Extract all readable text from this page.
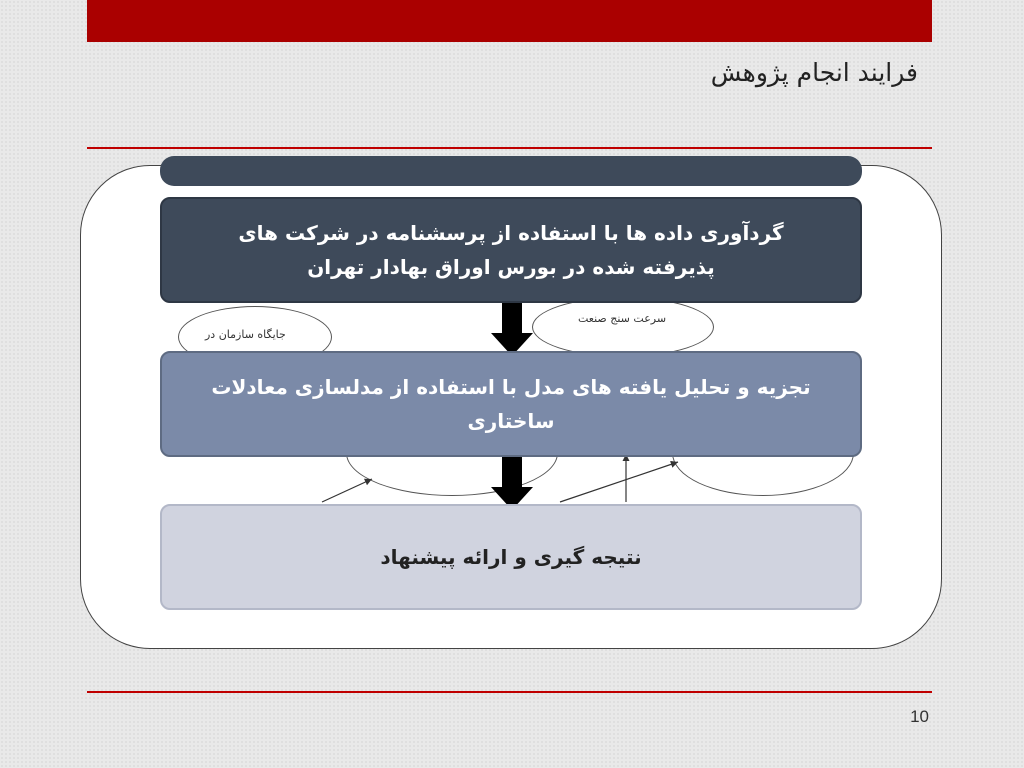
فرایند انجام پژوهش
جایگاه سازمان در
سرعت سنج صنعت
گردآوری داده ها با استفاده از پرسشنامه در شرکت های پذیرفته شده در بورس اوراق بهادار تهران
تجزیه و تحلیل یافته های مدل با استفاده از مدلسازی معادلات ساختاری
نتیجه گیری و ارائه پیشنهاد
10
